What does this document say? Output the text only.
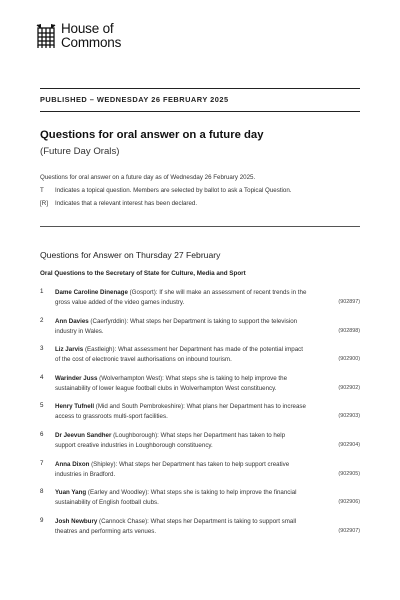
House of
Commons
PUBLISHED – WEDNESDAY 26 FEBRUARY 2025
Questions for oral answer on a future day
(Future Day Orals)
Questions for oral answer on a future day as of Wednesday 26 February 2025.
T Indicates a topical question. Members are selected by ballot to ask a Topical Question.
[R] Indicates that a relevant interest has been declared.
Questions for Answer on Thursday 27 February
Oral Questions to the Secretary of State for Culture, Media and Sport
1 Dame Caroline Dinenage (Gosport): If she will make an assessment of recent trends in the
gross value added of the video games industry.	(902897)
2 Ann Davies (Caerfyrddin): What steps her Department is taking to support the television
industry in Wales.	(902898)
3 Liz Jarvis (Eastleigh): What assessment her Department has made of the potential impact
of the cost of electronic travel authorisations on inbound tourism.	(902900)
4 Warinder Juss (Wolverhampton West): What steps she is taking to help improve the
sustainability of lower league football clubs in Wolverhampton West constituency.	(902902)
5 Henry Tufnell (Mid and South Pembrokeshire): What plans her Department has to increase
access to grassroots multi-sport facilities.	(902903)
6 Dr Jeevun Sandher (Loughborough): What steps her Department has taken to help
support creative industries in Loughborough constituency.	(902904)
7 Anna Dixon (Shipley): What steps her Department has taken to help support creative
industries in Bradford.	(902905)
8 Yuan Yang (Earley and Woodley): What steps she is taking to help improve the financial
sustainability of English football clubs.	(902906)
9 Josh Newbury (Cannock Chase): What steps her Department is taking to support small
theatres and performing arts venues.	(902907)
